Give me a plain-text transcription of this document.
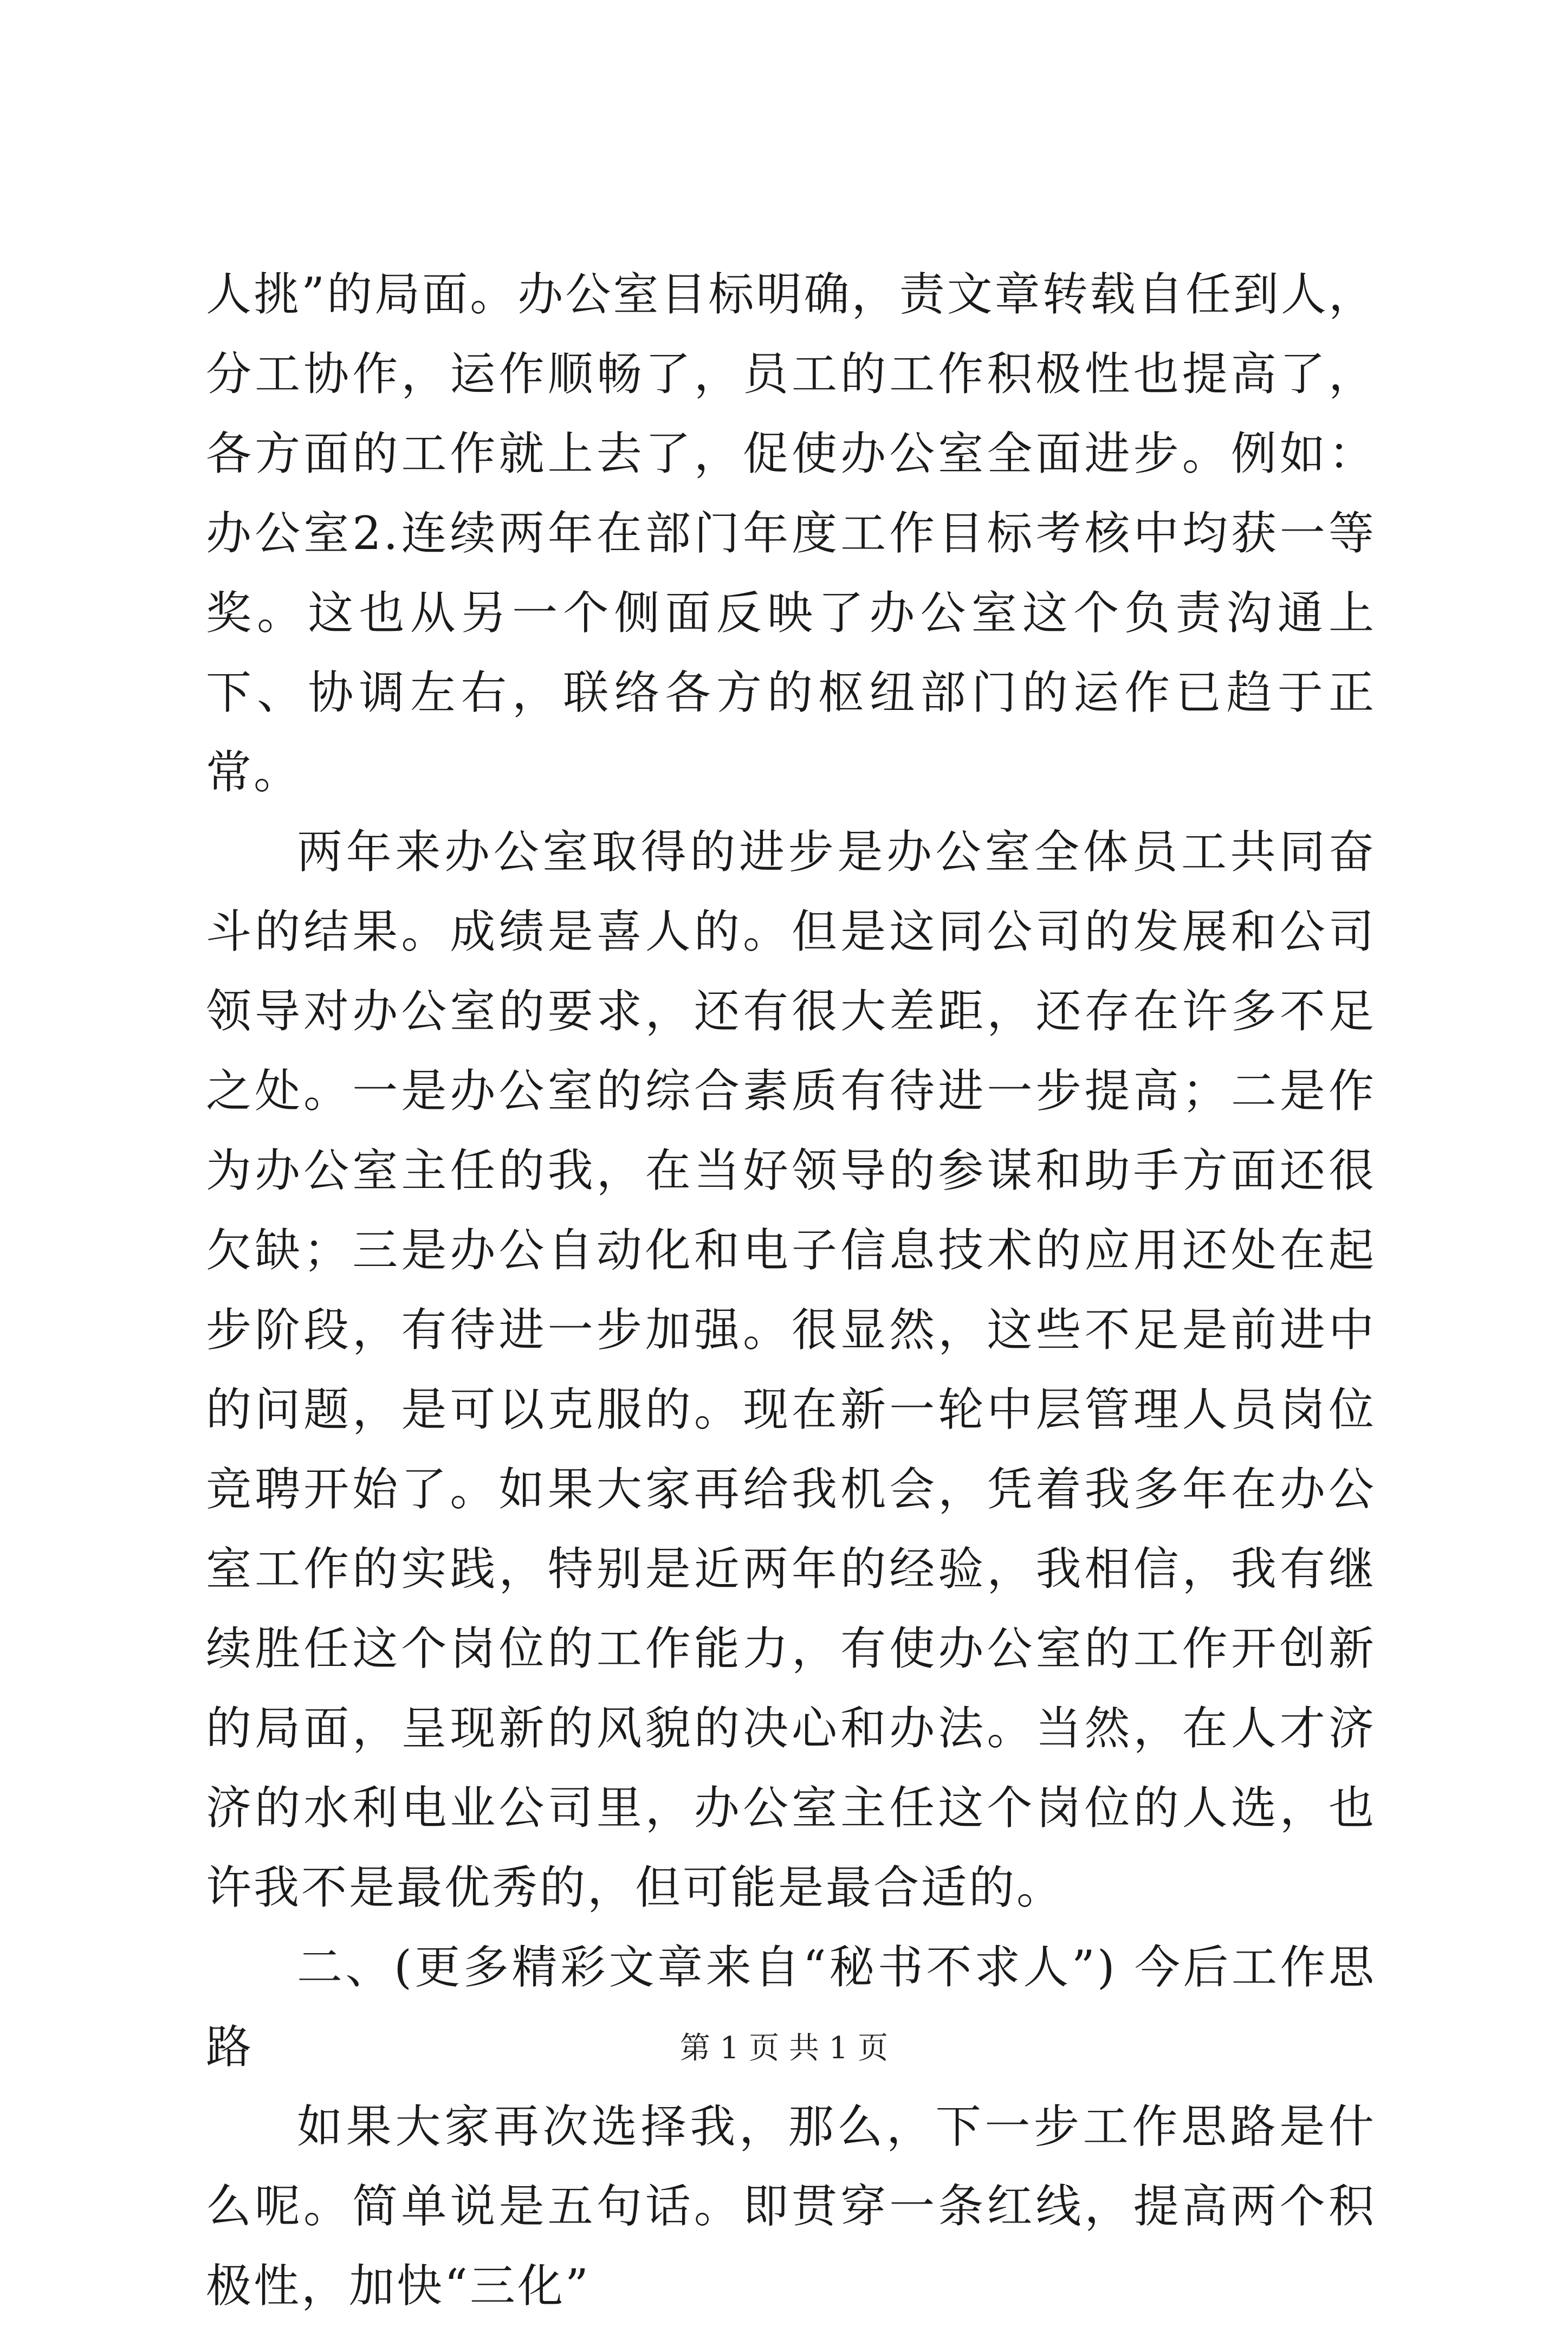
人挑”的局面。办公室目标明确，责文章转载自任到人，分工协作，运作顺畅了，员工的工作积极性也提高了，各方面的工作就上去了，促使办公室全面进步。例如：办公室2.连续两年在部门年度工作目标考核中均获一等奖。这也从另一个侧面反映了办公室这个负责沟通上下、协调左右，联络各方的枢纽部门的运作已趋于正常。

两年来办公室取得的进步是办公室全体员工共同奋斗的结果。成绩是喜人的。但是这同公司的发展和公司领导对办公室的要求，还有很大差距，还存在许多不足之处。一是办公室的综合素质有待进一步提高；二是作为办公室主任的我，在当好领导的参谋和助手方面还很欠缺；三是办公自动化和电子信息技术的应用还处在起步阶段，有待进一步加强。很显然，这些不足是前进中的问题，是可以克服的。现在新一轮中层管理人员岗位竞聘开始了。如果大家再给我机会，凭着我多年在办公室工作的实践，特别是近两年的经验，我相信，我有继续胜任这个岗位的工作能力，有使办公室的工作开创新的局面，呈现新的风貌的决心和办法。当然，在人才济济的水利电业公司里，办公室主任这个岗位的人选，也许我不是最优秀的，但可能是最合适的。

二、(更多精彩文章来自“秘书不求人”) 今后工作思路

如果大家再次选择我，那么，下一步工作思路是什么呢。简单说是五句话。即贯穿一条红线，提高两个积极性，加快“三化”

第 1 页 共 1 页
